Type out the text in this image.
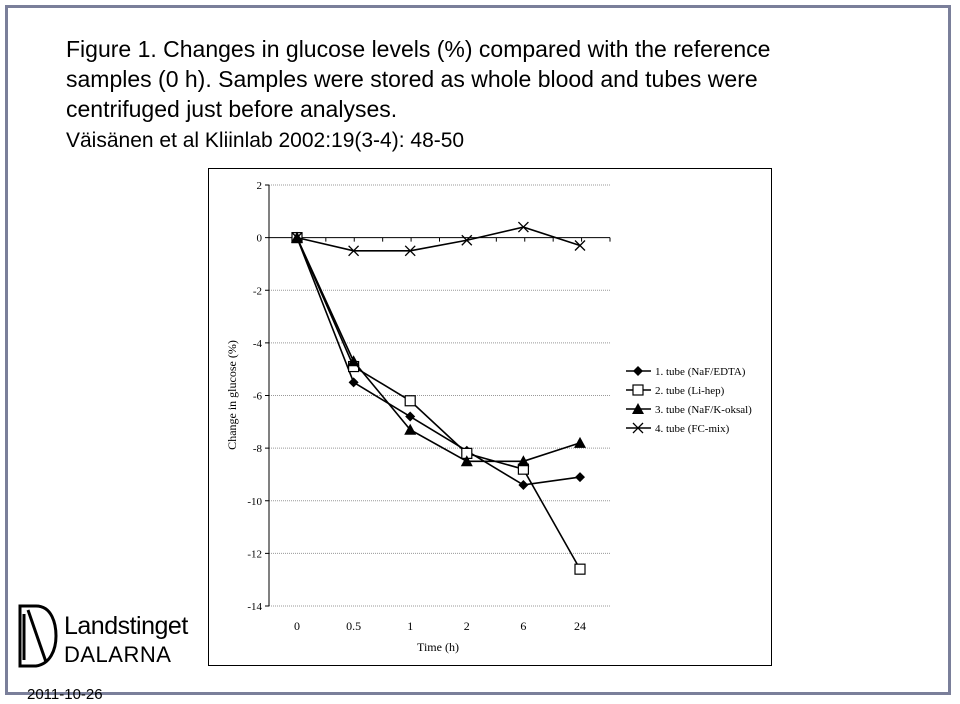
Figure 1. Changes in glucose levels (%) compared with the reference
samples (0 h). Samples were stored as whole blood and tubes were
centrifuged just before analyses.
Väisänen et al Kliinlab 2002:19(3-4): 48-50
2
0
-2
-4
-6
-8
-10
-12
-14
0	0.5	1	2	6	24
Time (h)
Change in glucose (%)	1. tube (NaF/EDTA)
2. tube (Li-hep)
3. tube (NaF/K-oksal)
4. tube (FC-mix)
Landstinget
DALARNA
2011-10-26
